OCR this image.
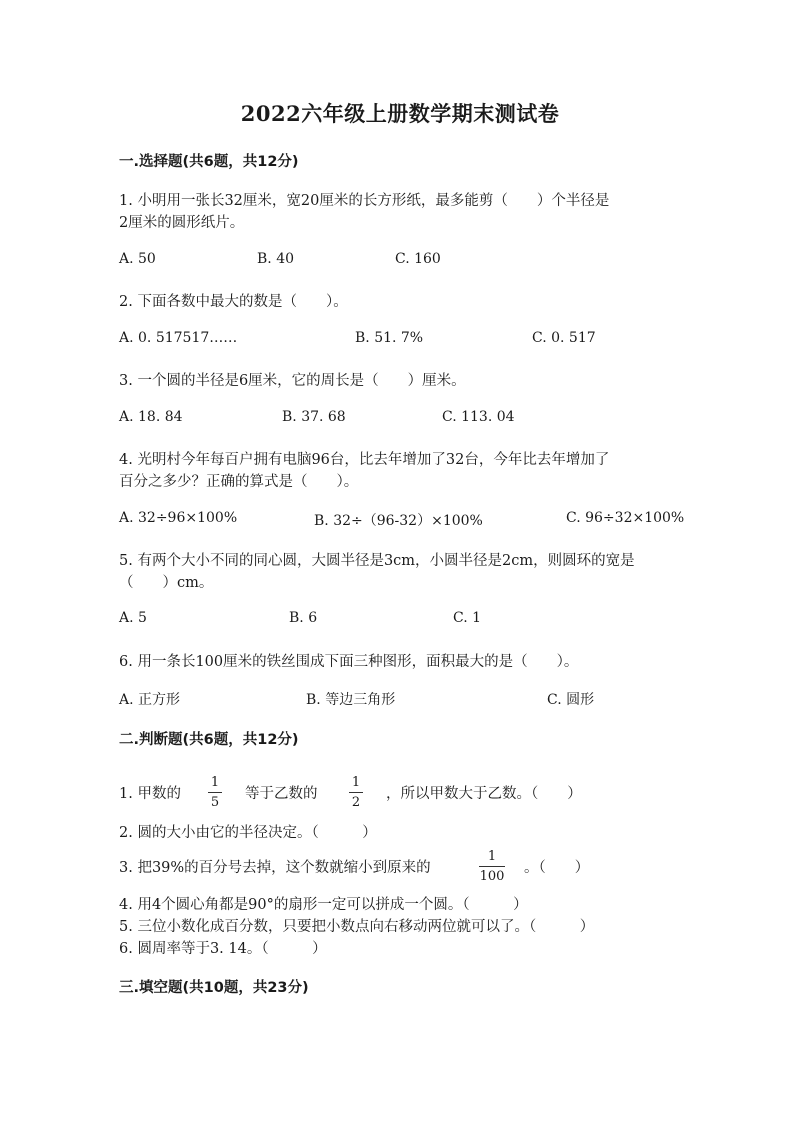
2022六年级上册数学期末测试卷
一.选择题(共6题，共12分)
1. 小明用一张长32厘米，宽20厘米的长方形纸，最多能剪（　　）个半径是
2厘米的圆形纸片。
A. 50	B. 40	C. 160
2. 下面各数中最大的数是（　　）。
A. 0. 517517……	B. 51. 7%	C. 0. 517
3. 一个圆的半径是6厘米，它的周长是（　　）厘米。
A. 18. 84	B. 37. 68	C. 113. 04
4. 光明村今年每百户拥有电脑96台，比去年增加了32台，今年比去年增加了
百分之多少？正确的算式是（　　）。
A. 32÷96×100%	B. 32÷（96-32）×100%	C. 96÷32×100%
5. 有两个大小不同的同心圆，大圆半径是3cm，小圆半径是2cm，则圆环的宽是
（　　）cm。
A. 5	B. 6	C. 1
6. 用一条长100厘米的铁丝围成下面三种图形，面积最大的是（　　）。
A. 正方形	B. 等边三角形	C. 圆形
二.判断题(共6题，共12分)
1. 甲数的
1
5
等于乙数的
1
2
，所以甲数大于乙数。（　　）
2. 圆的大小由它的半径决定。（　　　）
3. 把39%的百分号去掉，这个数就缩小到原来的
1
100
。（　　）
4. 用4个圆心角都是90°的扇形一定可以拼成一个圆。（　　　）
5. 三位小数化成百分数，只要把小数点向右移动两位就可以了。（　　　）
6. 圆周率等于3. 14。（　　　）
三.填空题(共10题，共23分)
